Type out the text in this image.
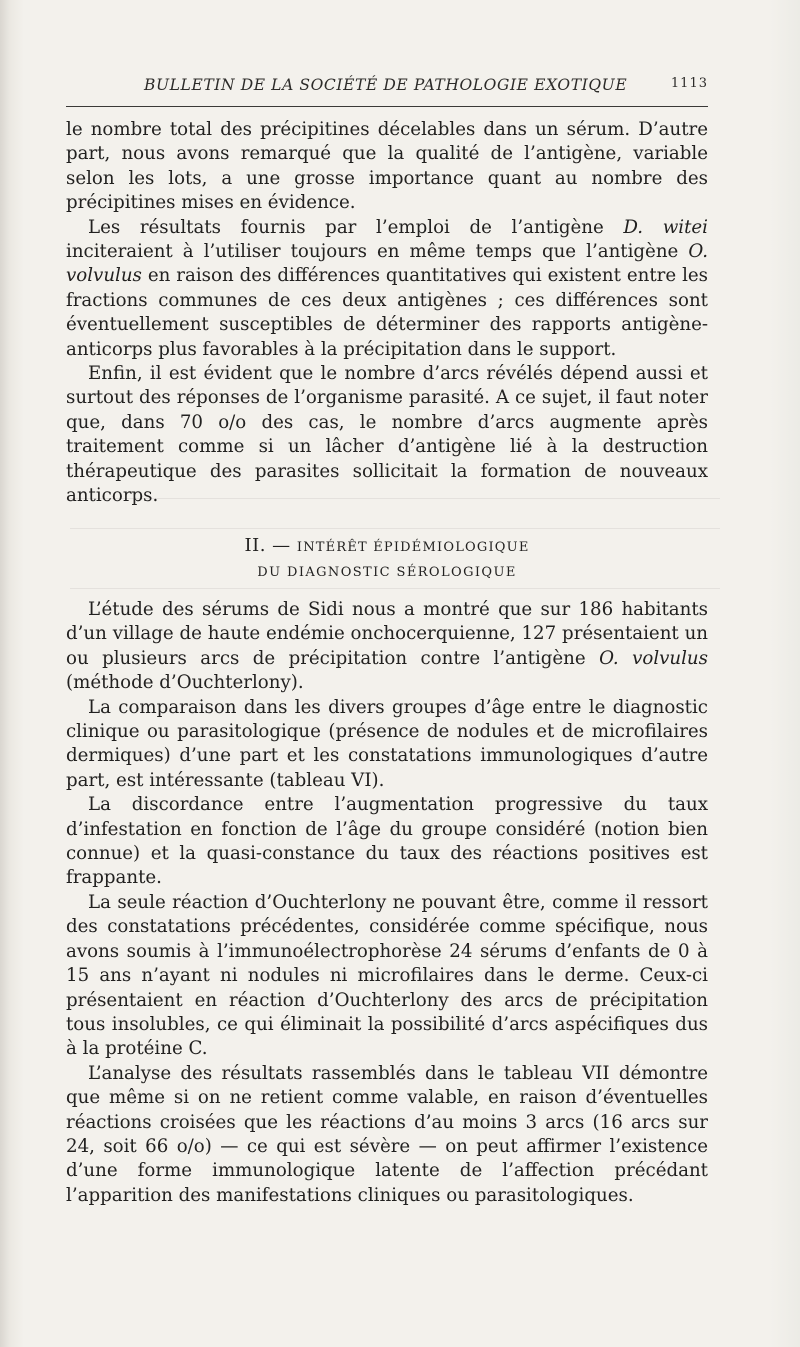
BULLETIN DE LA SOCIÉTÉ DE PATHOLOGIE EXOTIQUE	1113

le nombre total des précipitines décelables dans un sérum. D’autre part, nous avons remarqué que la qualité de l’antigène, variable selon les lots, a une grosse importance quant au nombre des précipitines mises en évidence.

Les résultats fournis par l’emploi de l’antigène D. witei inciteraient à l’utiliser toujours en même temps que l’antigène O. volvulus en raison des différences quantitatives qui existent entre les fractions communes de ces deux antigènes ; ces différences sont éventuellement susceptibles de déterminer des rapports antigène-anticorps plus favorables à la précipitation dans le support.

Enfin, il est évident que le nombre d’arcs révélés dépend aussi et surtout des réponses de l’organisme parasité. A ce sujet, il faut noter que, dans 70 o/o des cas, le nombre d’arcs augmente après traitement comme si un lâcher d’antigène lié à la destruction thérapeutique des parasites sollicitait la formation de nouveaux anticorps.

II. — INTÉRÊT ÉPIDÉMIOLOGIQUE
DU DIAGNOSTIC SÉROLOGIQUE

L’étude des sérums de Sidi nous a montré que sur 186 habitants d’un village de haute endémie onchocerquienne, 127 présentaient un ou plusieurs arcs de précipitation contre l’antigène O. volvulus (méthode d’Ouchterlony).

La comparaison dans les divers groupes d’âge entre le diagnostic clinique ou parasitologique (présence de nodules et de microfilaires dermiques) d’une part et les constatations immunologiques d’autre part, est intéressante (tableau VI).

La discordance entre l’augmentation progressive du taux d’infestation en fonction de l’âge du groupe considéré (notion bien connue) et la quasi-constance du taux des réactions positives est frappante.

La seule réaction d’Ouchterlony ne pouvant être, comme il ressort des constatations précédentes, considérée comme spécifique, nous avons soumis à l’immunoélectrophorèse 24 sérums d’enfants de 0 à 15 ans n’ayant ni nodules ni microfilaires dans le derme. Ceux-ci présentaient en réaction d’Ouchterlony des arcs de précipitation tous insolubles, ce qui éliminait la possibilité d’arcs aspécifiques dus à la protéine C.

L’analyse des résultats rassemblés dans le tableau VII démontre que même si on ne retient comme valable, en raison d’éventuelles réactions croisées que les réactions d’au moins 3 arcs (16 arcs sur 24, soit 66 o/o) — ce qui est sévère — on peut affirmer l’existence d’une forme immunologique latente de l’affection précédant l’apparition des manifestations cliniques ou parasitologiques.
